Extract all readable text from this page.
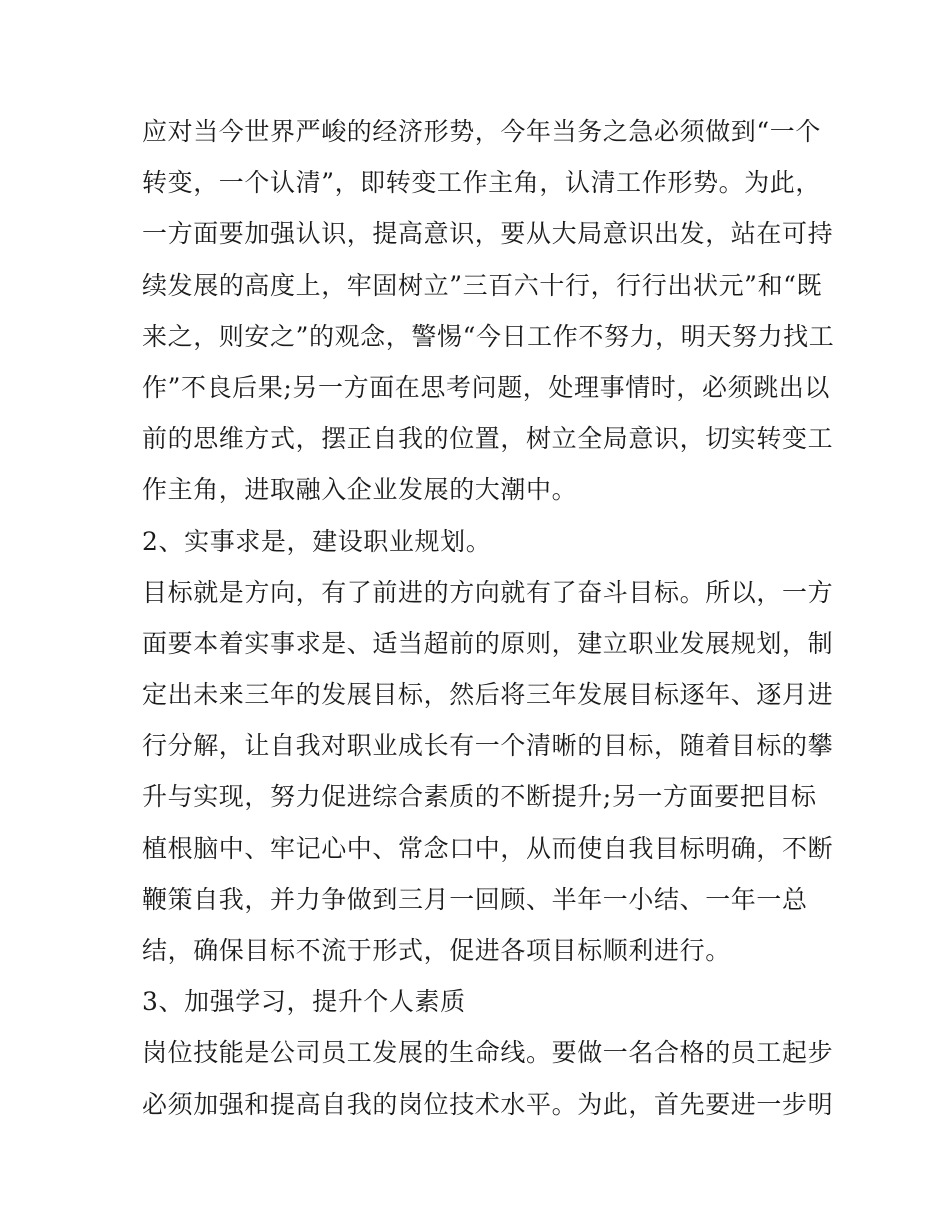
应对当今世界严峻的经济形势，今年当务之急必须做到“一个
转变，一个认清”，即转变工作主角，认清工作形势。为此，
一方面要加强认识，提高意识，要从大局意识出发，站在可持
续发展的高度上，牢固树立”三百六十行，行行出状元”和“既
来之，则安之”的观念，警惕“今日工作不努力，明天努力找工
作”不良后果;另一方面在思考问题，处理事情时，必须跳出以
前的思维方式，摆正自我的位置，树立全局意识，切实转变工
作主角，进取融入企业发展的大潮中。
2、实事求是，建设职业规划。
目标就是方向，有了前进的方向就有了奋斗目标。所以，一方
面要本着实事求是、适当超前的原则，建立职业发展规划，制
定出未来三年的发展目标，然后将三年发展目标逐年、逐月进
行分解，让自我对职业成长有一个清晰的目标，随着目标的攀
升与实现，努力促进综合素质的不断提升;另一方面要把目标
植根脑中、牢记心中、常念口中，从而使自我目标明确，不断
鞭策自我，并力争做到三月一回顾、半年一小结、一年一总
结，确保目标不流于形式，促进各项目标顺利进行。
3、加强学习，提升个人素质
岗位技能是公司员工发展的生命线。要做一名合格的员工起步
必须加强和提高自我的岗位技术水平。为此，首先要进一步明
